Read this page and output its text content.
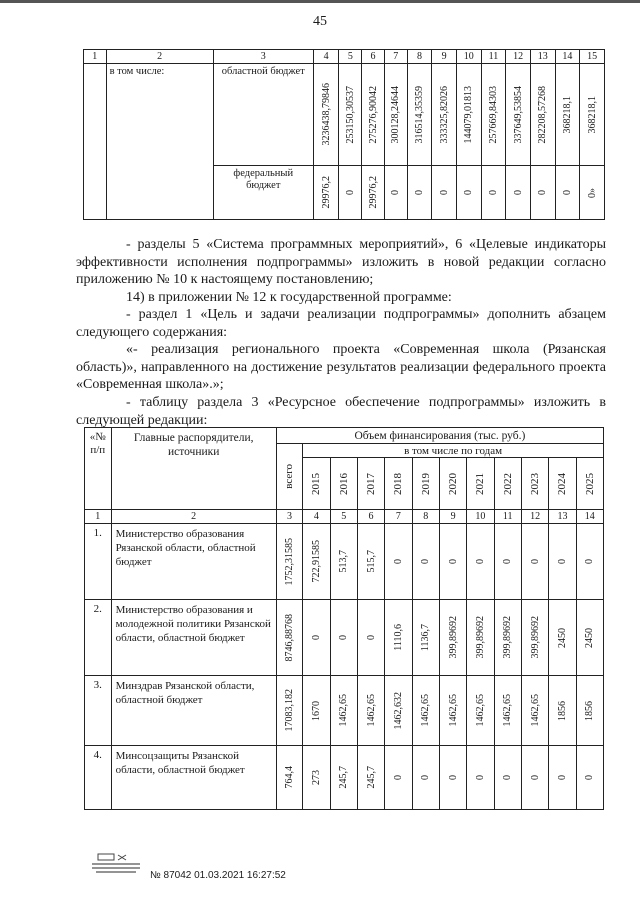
45
1	2	3	4	5	6	7	8	9	10	11	12	13	14	15
	в том числе:	областной бюджет	3236438,79846	253150,30537	275276,90042	300128,24644	316514,35359	333325,82026	144079,01813	257669,84303	337649,53854	282208,57268	368218,1	368218,1

		федеральный бюджет	29976,2	0	29976,2	0	0	0	0	0	0	0	0	0»
- разделы 5 «Система программных мероприятий», 6 «Целевые индикаторы эффективности исполнения подпрограммы» изложить в новой редакции согласно приложению № 10 к настоящему постановлению;
14) в приложении № 12 к государственной программе:
- раздел 1 «Цель и задачи реализации подпрограммы» дополнить абзацем следующего содержания:
«- реализация регионального проекта «Современная школа (Рязанская область)», направленного на достижение результатов реализации федерального проекта «Современная школа».»;
- таблицу раздела 3 «Ресурсное обеспечение подпрограммы» изложить в следующей редакции:
«№ п/п	Главные распорядители, источники	Объем финансирования (тыс. руб.)											

		всего	в том числе по годам										

			2015	2016	2017	2018	2019	2020	2021	2022	2023	2024	2025

1	2	3	4	5	6	7	8	9	10	11	12	13	14
1.	Министерство образования Рязанской области, областной бюджет	1752,31585	722,91585	513,7	515,7	0	0	0	0	0	0	0	0

2.	Министерство образования и молодежной политики Рязанской области, областной бюджет	8746,88768	0	0	0	1110,6	1136,7	399,89692	399,89692	399,89692	399,89692	2450	2450

3.	Минздрав Рязанской области, областной бюджет	17083,182	1670	1462,65	1462,65	1462,632	1462,65	1462,65	1462,65	1462,65	1462,65	1856	1856

4.	Минсоцзащиты Рязанской области, областной бюджет	764,4	273	245,7	245,7	0	0	0	0	0	0	0	0
№ 87042 01.03.2021 16:27:52
